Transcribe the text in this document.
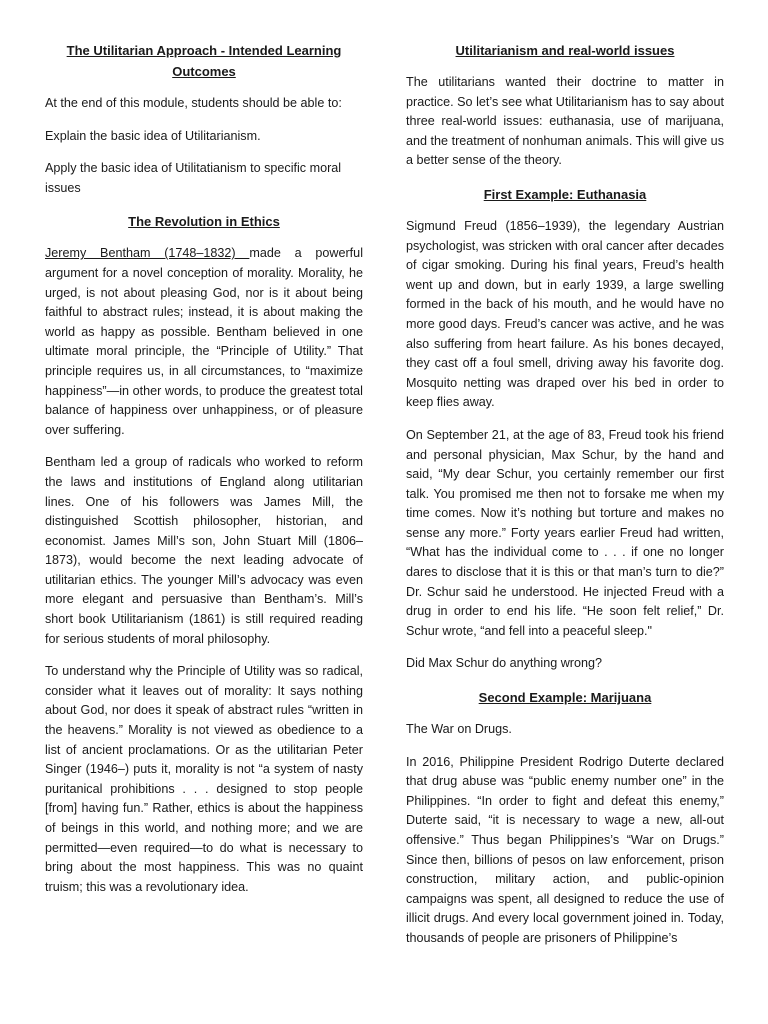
The Utilitarian Approach - Intended Learning Outcomes

At the end of this module, students should be able to:

Explain the basic idea of Utilitarianism.

Apply the basic idea of Utilitatianism to specific moral issues

The Revolution in Ethics

Jeremy Bentham (1748–1832) made a powerful argument for a novel conception of morality. Morality, he urged, is not about pleasing God, nor is it about being faithful to abstract rules; instead, it is about making the world as happy as possible. Bentham believed in one ultimate moral principle, the “Principle of Utility.” That principle requires us, in all circumstances, to “maximize happiness”—in other words, to produce the greatest total balance of happiness over unhappiness, or of pleasure over suffering.

Bentham led a group of radicals who worked to reform the laws and institutions of England along utilitarian lines. One of his followers was James Mill, the distinguished Scottish philosopher, historian, and economist. James Mill’s son, John Stuart Mill (1806–1873), would become the next leading advocate of utilitarian ethics. The younger Mill’s advocacy was even more elegant and persuasive than Bentham’s. Mill’s short book Utilitarianism (1861) is still required reading for serious students of moral philosophy.

To understand why the Principle of Utility was so radical, consider what it leaves out of morality: It says nothing about God, nor does it speak of abstract rules “written in the heavens.” Morality is not viewed as obedience to a list of ancient proclamations. Or as the utilitarian Peter Singer (1946–) puts it, morality is not “a system of nasty puritanical prohibitions . . . designed to stop people [from] having fun.” Rather, ethics is about the happiness of beings in this world, and nothing more; and we are permitted—even required—to do what is necessary to bring about the most happiness. This was no quaint truism; this was a revolutionary idea.

Utilitarianism and real-world issues

The utilitarians wanted their doctrine to matter in practice. So let’s see what Utilitarianism has to say about three real-world issues: euthanasia, use of marijuana, and the treatment of nonhuman animals. This will give us a better sense of the theory.

First Example: Euthanasia

Sigmund Freud (1856–1939), the legendary Austrian psychologist, was stricken with oral cancer after decades of cigar smoking. During his final years, Freud’s health went up and down, but in early 1939, a large swelling formed in the back of his mouth, and he would have no more good days. Freud’s cancer was active, and he was also suffering from heart failure. As his bones decayed, they cast off a foul smell, driving away his favorite dog. Mosquito netting was draped over his bed in order to keep flies away.

On September 21, at the age of 83, Freud took his friend and personal physician, Max Schur, by the hand and said, “My dear Schur, you certainly remember our first talk. You promised me then not to forsake me when my time comes. Now it’s nothing but torture and makes no sense any more.” Forty years earlier Freud had written, “What has the individual come to . . . if one no longer dares to disclose that it is this or that man’s turn to die?” Dr. Schur said he understood. He injected Freud with a drug in order to end his life. “He soon felt relief,” Dr. Schur wrote, “and fell into a peaceful sleep."

Did Max Schur do anything wrong?

Second Example: Marijuana

The War on Drugs.

In 2016, Philippine President Rodrigo Duterte declared that drug abuse was “public enemy number one” in the Philippines. “In order to fight and defeat this enemy,” Duterte said, “it is necessary to wage a new, all-out offensive.” Thus began Philippines’s “War on Drugs.” Since then, billions of pesos on law enforcement, prison construction, military action, and public-opinion campaigns was spent, all designed to reduce the use of illicit drugs. And every local government joined in. Today, thousands of people are prisoners of Philippine’s
